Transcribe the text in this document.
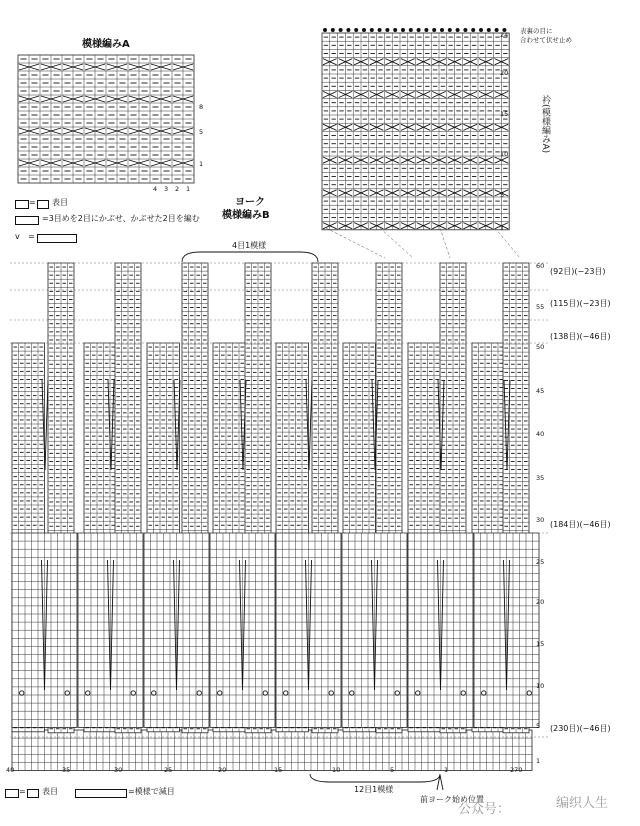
模様編みA
8
5
1
4 3 2 1
= 表目
=3目めを2目にかぶせ、かぶせた2目を編む
ⅴ =
表裏の目に
合わせて伏せ止め
衿(模様編みA)
24
20
15
10
5
1
ヨーク
模様編みB
4目1模様
60
55
50
45
40
35
30
25
20
15
10
5
1
(92目)(−23目)
(115目)(−23目)
(138目)(−46目)
(184目)(−46目)
(230目)(−46目)
40	35	30	25	20	15	10	5	1	270
12目1模様
前ヨーク始め位置
= 表目	=模様で減目
公众号：	编织人生
